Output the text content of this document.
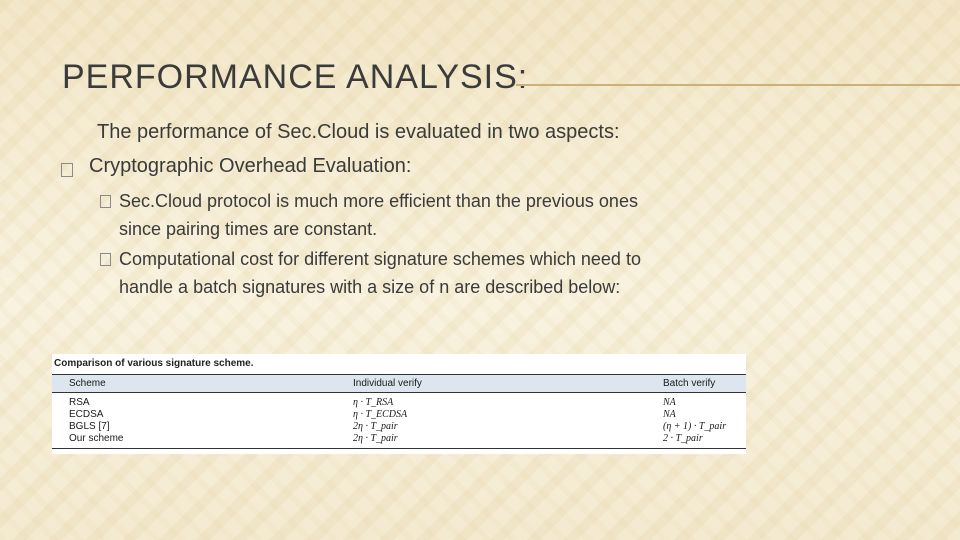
PERFORMANCE ANALYSIS:
The performance of Sec.Cloud is evaluated in two aspects:
Cryptographic Overhead Evaluation:
Sec.Cloud protocol is much more efficient than the previous ones
since pairing times are constant.
Computational cost for different signature schemes which need to
handle a batch signatures with a size of n are described below:
Comparison of various signature scheme.
Scheme	Individual verify	Batch verify
RSA	η · T_RSA	NA
ECDSA	η · T_ECDSA	NA
BGLS [7]	2η · T_pair	(η + 1) · T_pair
Our scheme	2η · T_pair	2 · T_pair
